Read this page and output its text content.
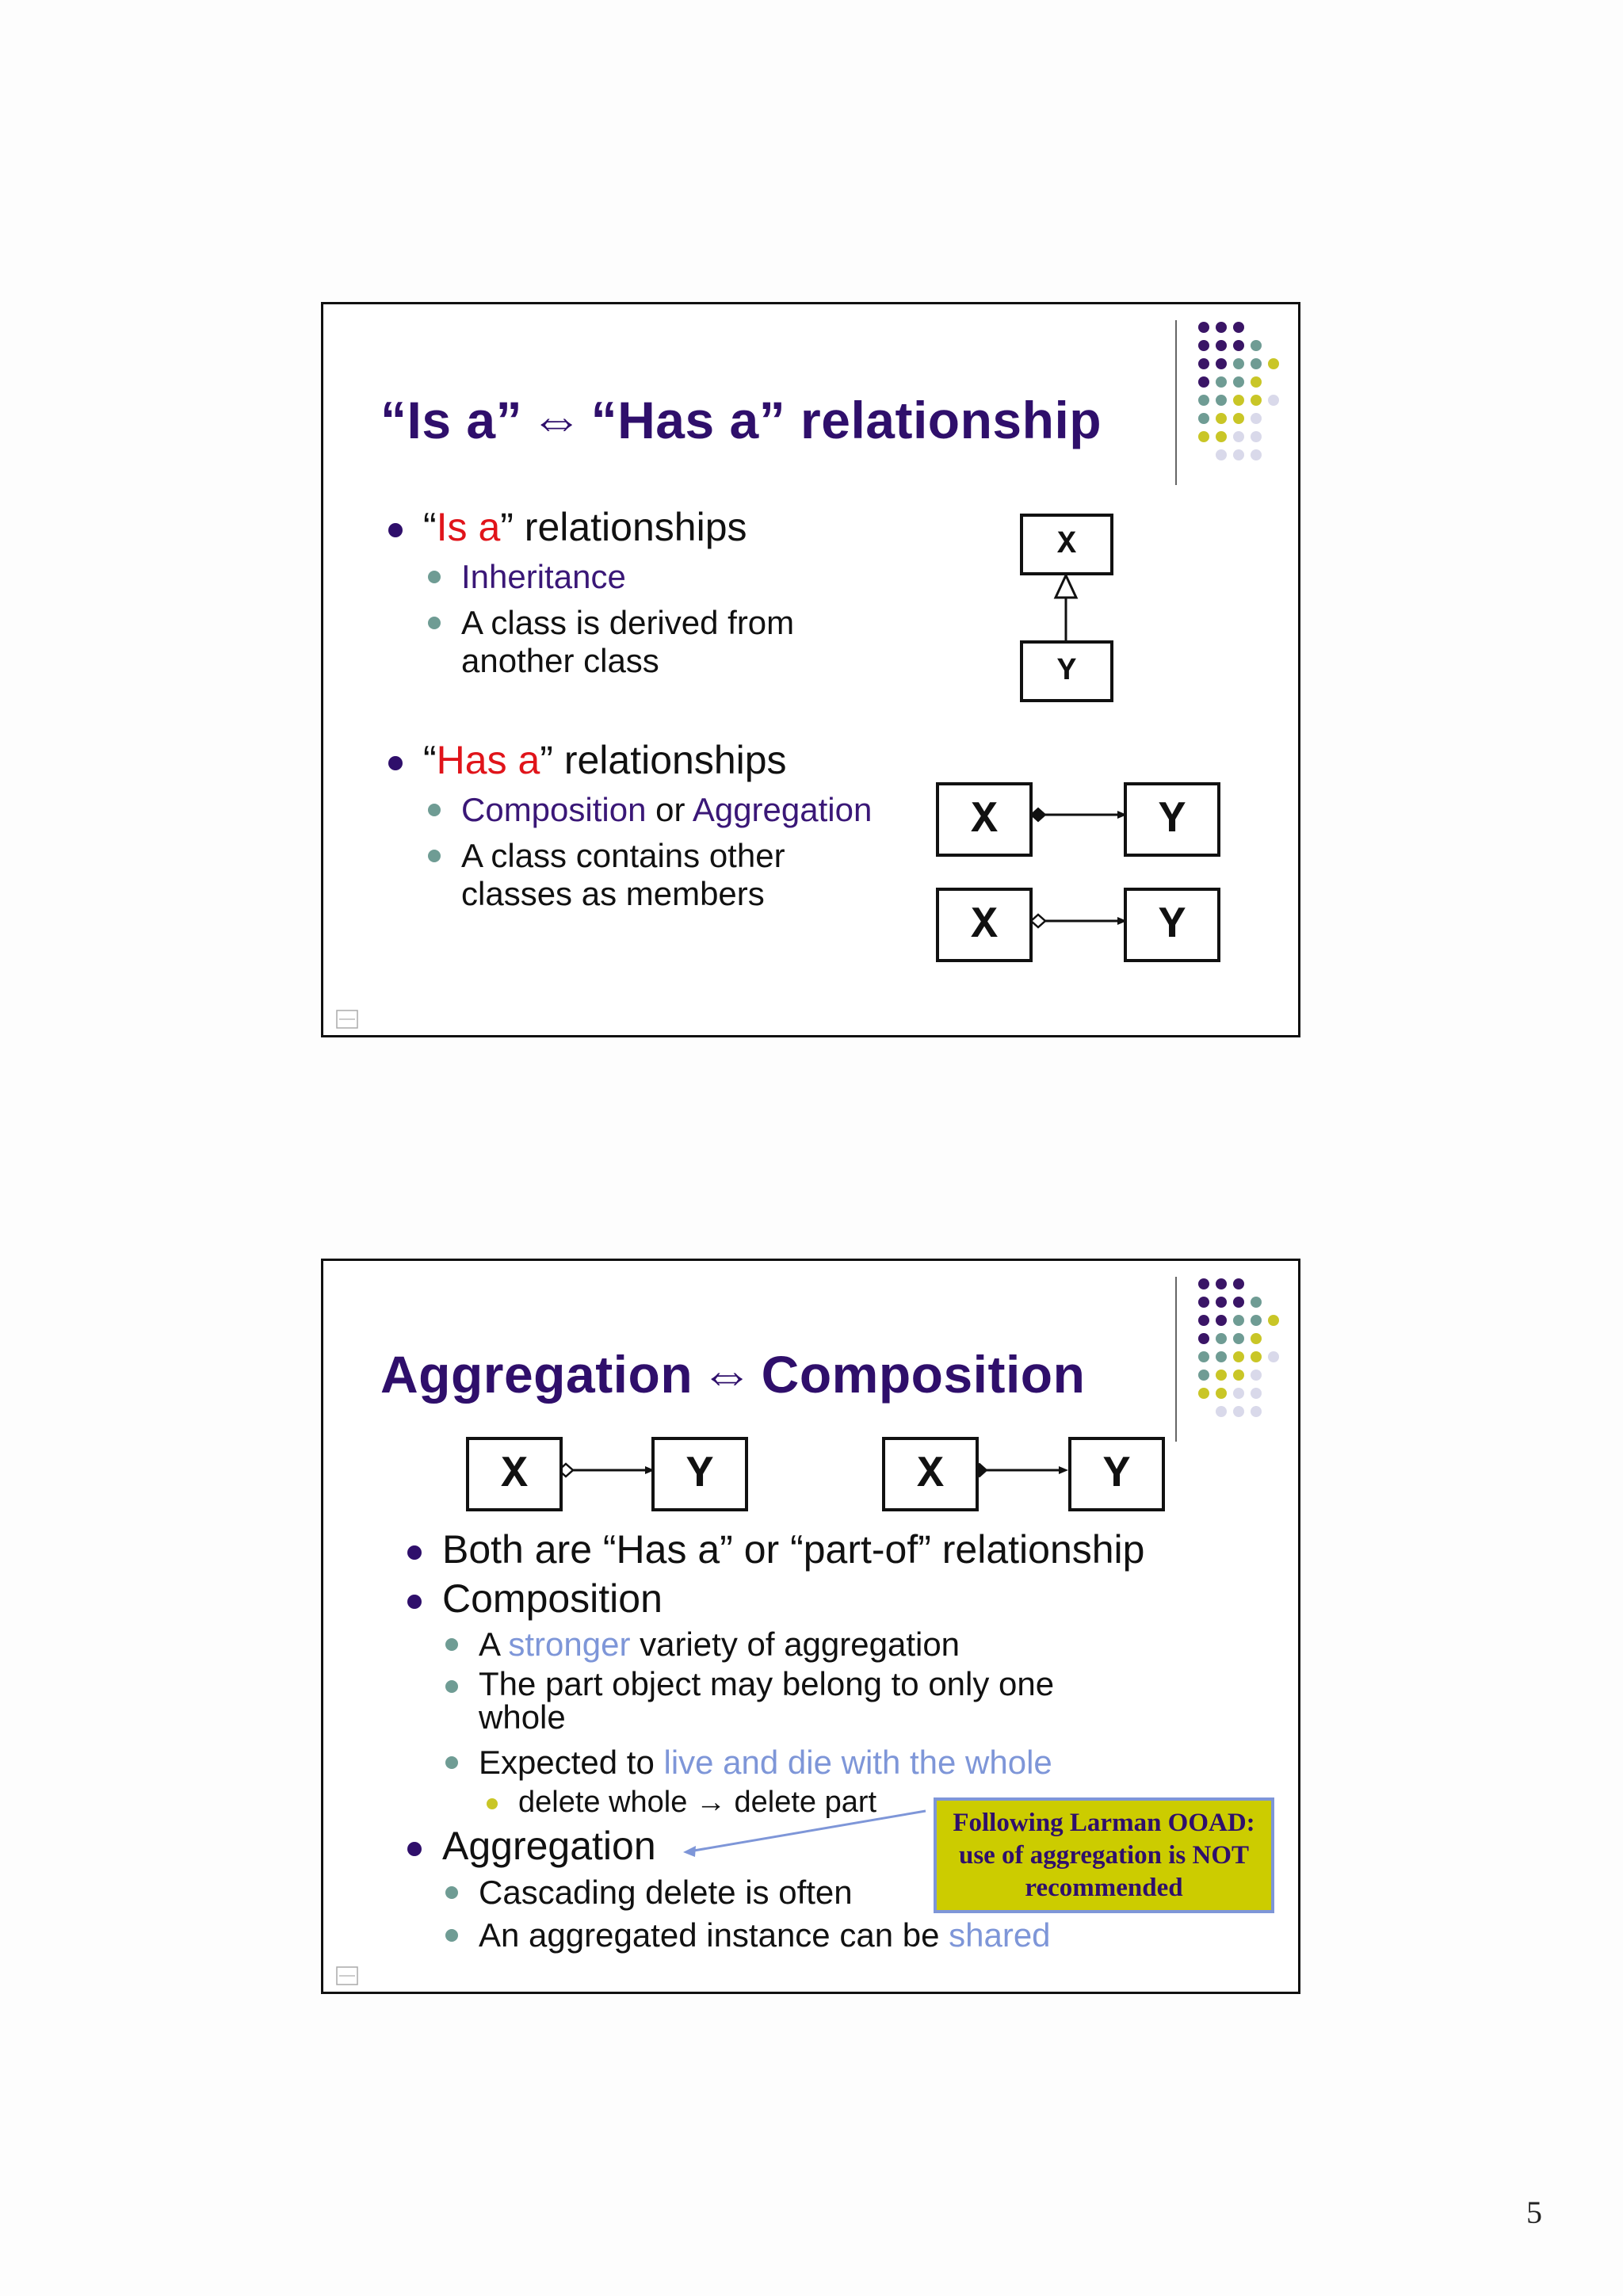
“Is a” ⇔ “Has a” relationship
“Is a” relationships
Inheritance
A class is derived from
another class
“Has a” relationships
Composition or Aggregation
A class contains other
classes as members
X
Y
X	Y
X	Y
Aggregation ⇔ Composition
X	Y	X	Y
Both are “Has a” or “part-of” relationship
Composition
A stronger variety of aggregation
The part object may belong to only one
whole
Expected to live and die with the whole
delete whole → delete part
Aggregation
Cascading delete is often
An aggregated instance can be shared
Following Larman OOAD:
use of aggregation is NOT
recommended
5
